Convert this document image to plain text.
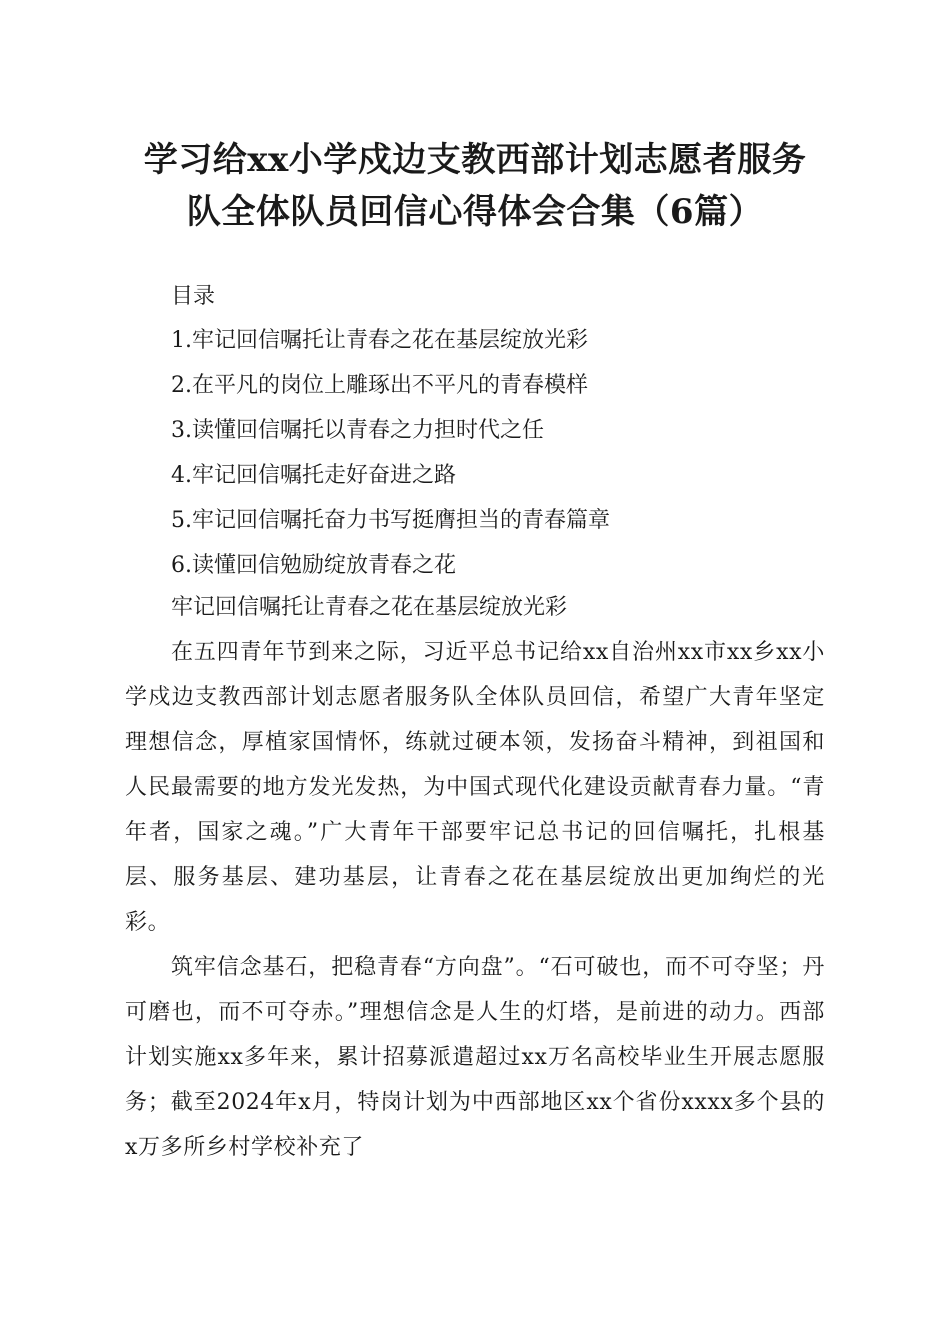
学习给xx小学戍边支教西部计划志愿者服务
队全体队员回信心得体会合集（6篇）
目录
1.牢记回信嘱托让青春之花在基层绽放光彩
2.在平凡的岗位上雕琢出不平凡的青春模样
3.读懂回信嘱托以青春之力担时代之任
4.牢记回信嘱托走好奋进之路
5.牢记回信嘱托奋力书写挺膺担当的青春篇章
6.读懂回信勉励绽放青春之花
牢记回信嘱托让青春之花在基层绽放光彩

在五四青年节到来之际，习近平总书记给xx自治州xx市xx乡xx小学戍边支教西部计划志愿者服务队全体队员回信，希望广大青年坚定理想信念，厚植家国情怀，练就过硬本领，发扬奋斗精神，到祖国和人民最需要的地方发光发热，为中国式现代化建设贡献青春力量。“青年者，国家之魂。”广大青年干部要牢记总书记的回信嘱托，扎根基层、服务基层、建功基层，让青春之花在基层绽放出更加绚烂的光彩。

筑牢信念基石，把稳青春“方向盘”。“石可破也，而不可夺坚；丹可磨也，而不可夺赤。”理想信念是人生的灯塔，是前进的动力。西部计划实施xx多年来，累计招募派遣超过xx万名高校毕业生开展志愿服务；截至2024年x月，特岗计划为中西部地区xx个省份xxxx多个县的x万多所乡村学校补充了
